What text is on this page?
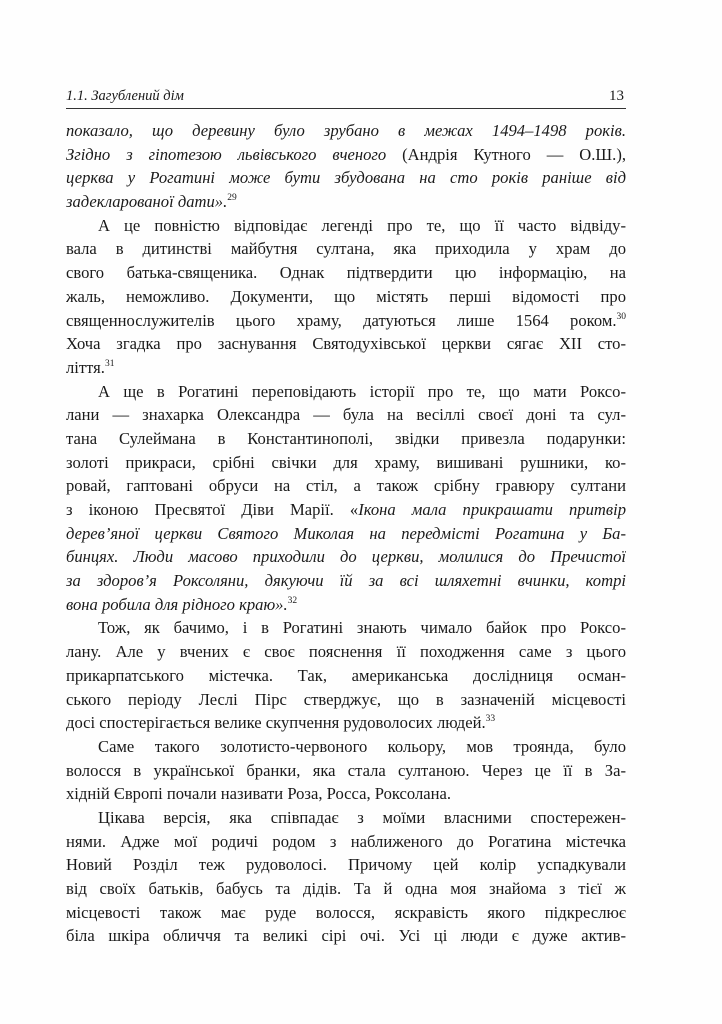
1.1. Загублений дім	13
показало, що деревину було зрубано в межах 1494–1498 років.
Згідно з гіпотезою львівського вченого (Андрія Кутного — О.Ш.),
церква у Рогатині може бути збудована на сто років раніше від
задекларованої дати».$^{29}$
А це повністю відповідає легенді про те, що її часто відвіду-
вала в дитинстві майбутня султана, яка приходила у храм до
свого батька-священика. Однак підтвердити цю інформацію, на
жаль, неможливо. Документи, що містять перші відомості про
священнослужителів цього храму, датуються лише 1564 роком.$^{30}$
Хоча згадка про заснування Святодухівської церкви сягає XII сто-
ліття.$^{31}$
А ще в Рогатині переповідають історії про те, що мати Роксо-
лани — знахарка Олександра — була на весіллі своєї доні та сул-
тана Сулеймана в Константинополі, звідки привезла подарунки:
золоті прикраси, срібні свічки для храму, вишивані рушники, ко-
ровай, гаптовані обруси на стіл, а також срібну гравюру султани
з іконою Пресвятої Діви Марії. «Ікона мала прикрашати притвір
дерев’яної церкви Святого Миколая на передмісті Рогатина у Ба-
бинцях. Люди масово приходили до церкви, молилися до Пречистої
за здоров’я Роксоляни, дякуючи їй за всі шляхетні вчинки, котрі
вона робила для рідного краю».$^{32}$
Тож, як бачимо, і в Рогатині знають чимало байок про Роксо-
лану. Але у вчених є своє пояснення її походження саме з цього
прикарпатського містечка. Так, американська дослідниця осман-
ського періоду Леслі Пірс стверджує, що в зазначеній місцевості
досі спостерігається велике скупчення рудоволосих людей.$^{33}$
Саме такого золотисто-червоного кольору, мов троянда, було
волосся в української бранки, яка стала султаною. Через це її в За-
хідній Європі почали називати Роза, Росса, Роксолана.
Цікава версія, яка співпадає з моїми власними спостережен-
нями. Адже мої родичі родом з наближеного до Рогатина містечка
Новий Розділ теж рудоволосі. Причому цей колір успадкували
від своїх батьків, бабусь та дідів. Та й одна моя знайома з тієї ж
місцевості також має руде волосся, яскравість якого підкреслює
біла шкіра обличчя та великі сірі очі. Усі ці люди є дуже актив-
